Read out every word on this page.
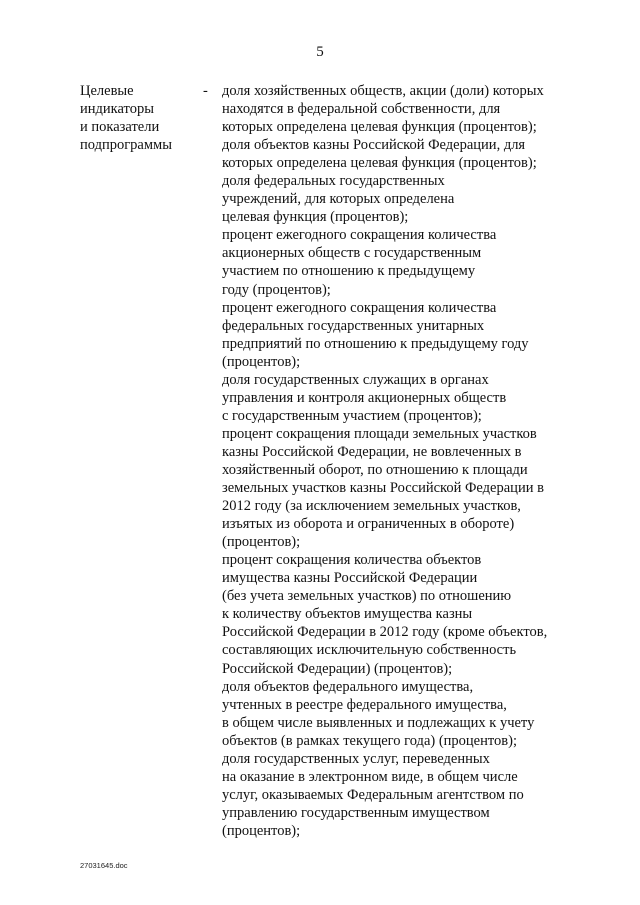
5
Целевые
индикаторы
и показатели
подпрограммы
- доля хозяйственных обществ, акции (доли) которых
находятся в федеральной собственности, для
которых определена целевая функция (процентов);
доля объектов казны Российской Федерации, для
которых определена целевая функция (процентов);
доля федеральных государственных
учреждений, для которых определена
целевая функция (процентов);
процент ежегодного сокращения количества
акционерных обществ с государственным
участием по отношению к предыдущему
году (процентов);
процент ежегодного сокращения количества
федеральных государственных унитарных
предприятий по отношению к предыдущему году
(процентов);
доля государственных служащих в органах
управления и контроля акционерных обществ
с государственным участием (процентов);
процент сокращения площади земельных участков
казны Российской Федерации, не вовлеченных в
хозяйственный оборот, по отношению к площади
земельных участков казны Российской Федерации в
2012 году (за исключением земельных участков,
изъятых из оборота и ограниченных в обороте)
(процентов);
процент сокращения количества объектов
имущества казны Российской Федерации
(без учета земельных участков) по отношению
к количеству объектов имущества казны
Российской Федерации в 2012 году (кроме объектов,
составляющих исключительную собственность
Российской Федерации) (процентов);
доля объектов федерального имущества,
учтенных в реестре федерального имущества,
в общем числе выявленных и подлежащих к учету
объектов (в рамках текущего года) (процентов);
доля государственных услуг, переведенных
на оказание в электронном виде, в общем числе
услуг, оказываемых Федеральным агентством по
управлению государственным имуществом
(процентов);
27031645.doc
